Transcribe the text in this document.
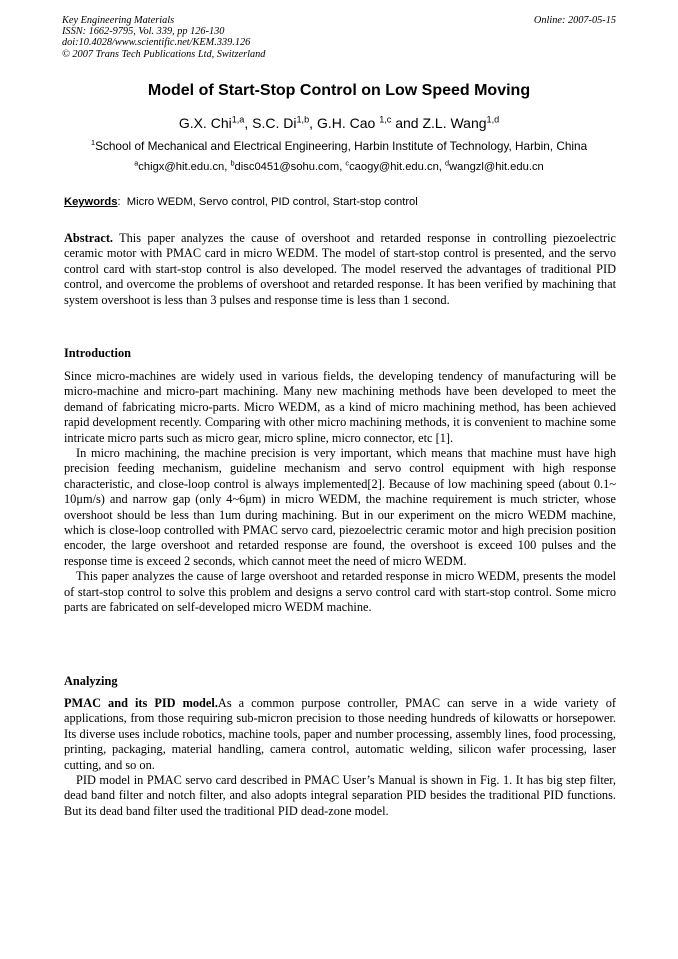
Key Engineering Materials	Online: 2007-05-15
ISSN: 1662-9795, Vol. 339, pp 126-130
doi:10.4028/www.scientific.net/KEM.339.126
© 2007 Trans Tech Publications Ltd, Switzerland
Model of Start-Stop Control on Low Speed Moving
G.X. Chi$^{1,a}$, S.C. Di$^{1,b}$, G.H. Cao $^{1,c}$ and Z.L. Wang$^{1,d}$
$^1$School of Mechanical and Electrical Engineering, Harbin Institute of Technology, Harbin, China
$^a$chigx@hit.edu.cn, $^b$disc0451@sohu.com, $^c$caogy@hit.edu.cn, $^d$wangzl@hit.edu.cn
Keywords:  Micro WEDM, Servo control, PID control, Start-stop control

Abstract. This paper analyzes the cause of overshoot and retarded response in controlling piezoelectric ceramic motor with PMAC card in micro WEDM. The model of start-stop control is presented, and the servo control card with start-stop control is also developed. The model reserved the advantages of traditional PID control, and overcome the problems of overshoot and retarded response. It has been verified by machining that system overshoot is less than 3 pulses and response time is less than 1 second.

Introduction

Since micro-machines are widely used in various fields, the developing tendency of manufacturing will be micro-machine and micro-part machining. Many new machining methods have been developed to meet the demand of fabricating micro-parts. Micro WEDM, as a kind of micro machining method, has been achieved rapid development recently. Comparing with other micro machining methods, it is convenient to machine some intricate micro parts such as micro gear, micro spline, micro connector, etc [1].

In micro machining, the machine precision is very important, which means that machine must have high precision feeding mechanism, guideline mechanism and servo control equipment with high response characteristic, and close-loop control is always implemented[2]. Because of low machining speed (about 0.1~ 10μm/s) and narrow gap (only 4~6μm) in micro WEDM, the machine requirement is much stricter, whose overshoot should be less than 1um during machining. But in our experiment on the micro WEDM machine, which is close-loop controlled with PMAC servo card, piezoelectric ceramic motor and high precision position encoder, the large overshoot and retarded response are found, the overshoot is exceed 100 pulses and the response time is exceed 2 seconds, which cannot meet the need of micro WEDM.

This paper analyzes the cause of large overshoot and retarded response in micro WEDM, presents the model of start-stop control to solve this problem and designs a servo control card with start-stop control. Some micro parts are fabricated on self-developed micro WEDM machine.

Analyzing

PMAC and its PID model.As a common purpose controller, PMAC can serve in a wide variety of applications, from those requiring sub-micron precision to those needing hundreds of kilowatts or horsepower. Its diverse uses include robotics, machine tools, paper and number processing, assembly lines, food processing, printing, packaging, material handling, camera control, automatic welding, silicon wafer processing, laser cutting, and so on.

PID model in PMAC servo card described in PMAC User’s Manual is shown in Fig. 1. It has big step filter, dead band filter and notch filter, and also adopts integral separation PID besides the traditional PID functions. But its dead band filter used the traditional PID dead-zone model.
